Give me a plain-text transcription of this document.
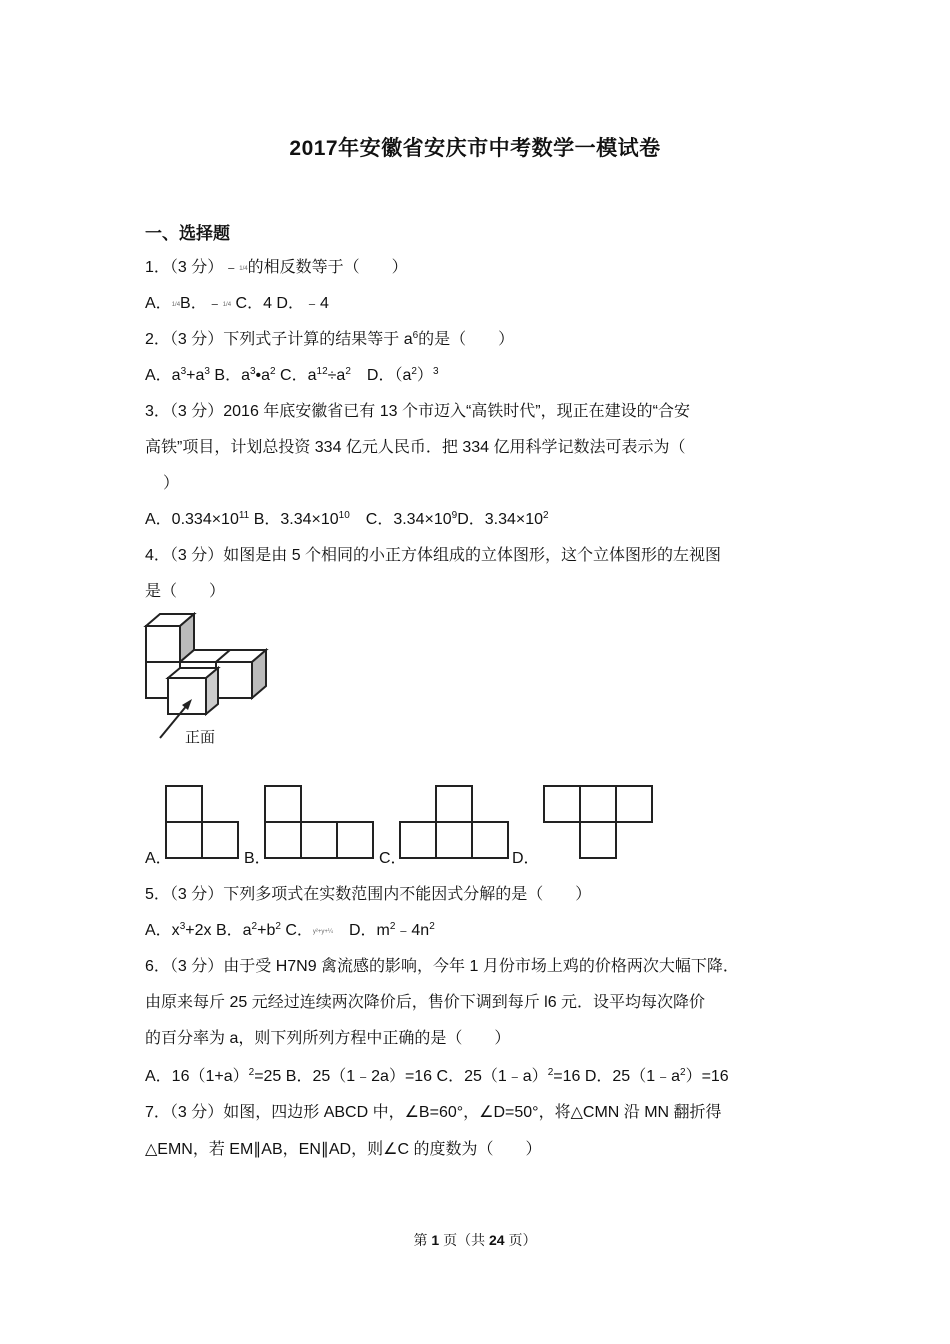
2017年安徽省安庆市中考数学一模试卷
一、选择题
1．（3 分）﹣1/4的相反数等于（　　）
A．1/4B．﹣1/4 C．4 D．﹣4
2．（3 分）下列式子计算的结果等于 $a^6$的是（　　）
A．$a^3+a^3$ B．$a^3•a^2$ C．$a^{12}\div a^2$　D．$(a^2)^3$
3．（3 分）2016 年底安徽省已有 13 个市迈入“高铁时代”，现正在建设的“合安
高铁”项目，计划总投资 334 亿元人民币．把 334 亿用科学记数法可表示为（
）
A．$0.334\times 10^{11}$ B．$3.34\times 10^{10}$　C．$3.34\times 10^9D$．$3.34\times 10^2$
4．（3 分）如图是由 5 个相同的小正方体组成的立体图形，这个立体图形的左视图
是（　　）
正面
A．	B．	C．	D．
5．（3 分）下列多项式在实数范围内不能因式分解的是（　　）
A．$x^3+2x$ B．$a^2+b^2$ C．y²+y+¼　D．$m^2﹣4n^2$
6．（3 分）由于受 H7N9 禽流感的影响，今年 1 月份市场上鸡的价格两次大幅下降．
由原来每斤 25 元经过连续两次降价后，售价下调到每斤 l6 元．设平均每次降价
的百分率为 a，则下列所列方程中正确的是（　　）
A．$16(1+a)^2=25$ B．25（1﹣2a）=16 C．25（1﹣a）$^2$=16 D．$25(1﹣a^2)=16$
7．（3 分）如图，四边形 ABCD 中，∠B=60°，∠D=50°，将△CMN 沿 MN 翻折得
△EMN，若 EM∥AB，EN∥AD，则∠C 的度数为（　　）
第 1 页（共 24 页）
